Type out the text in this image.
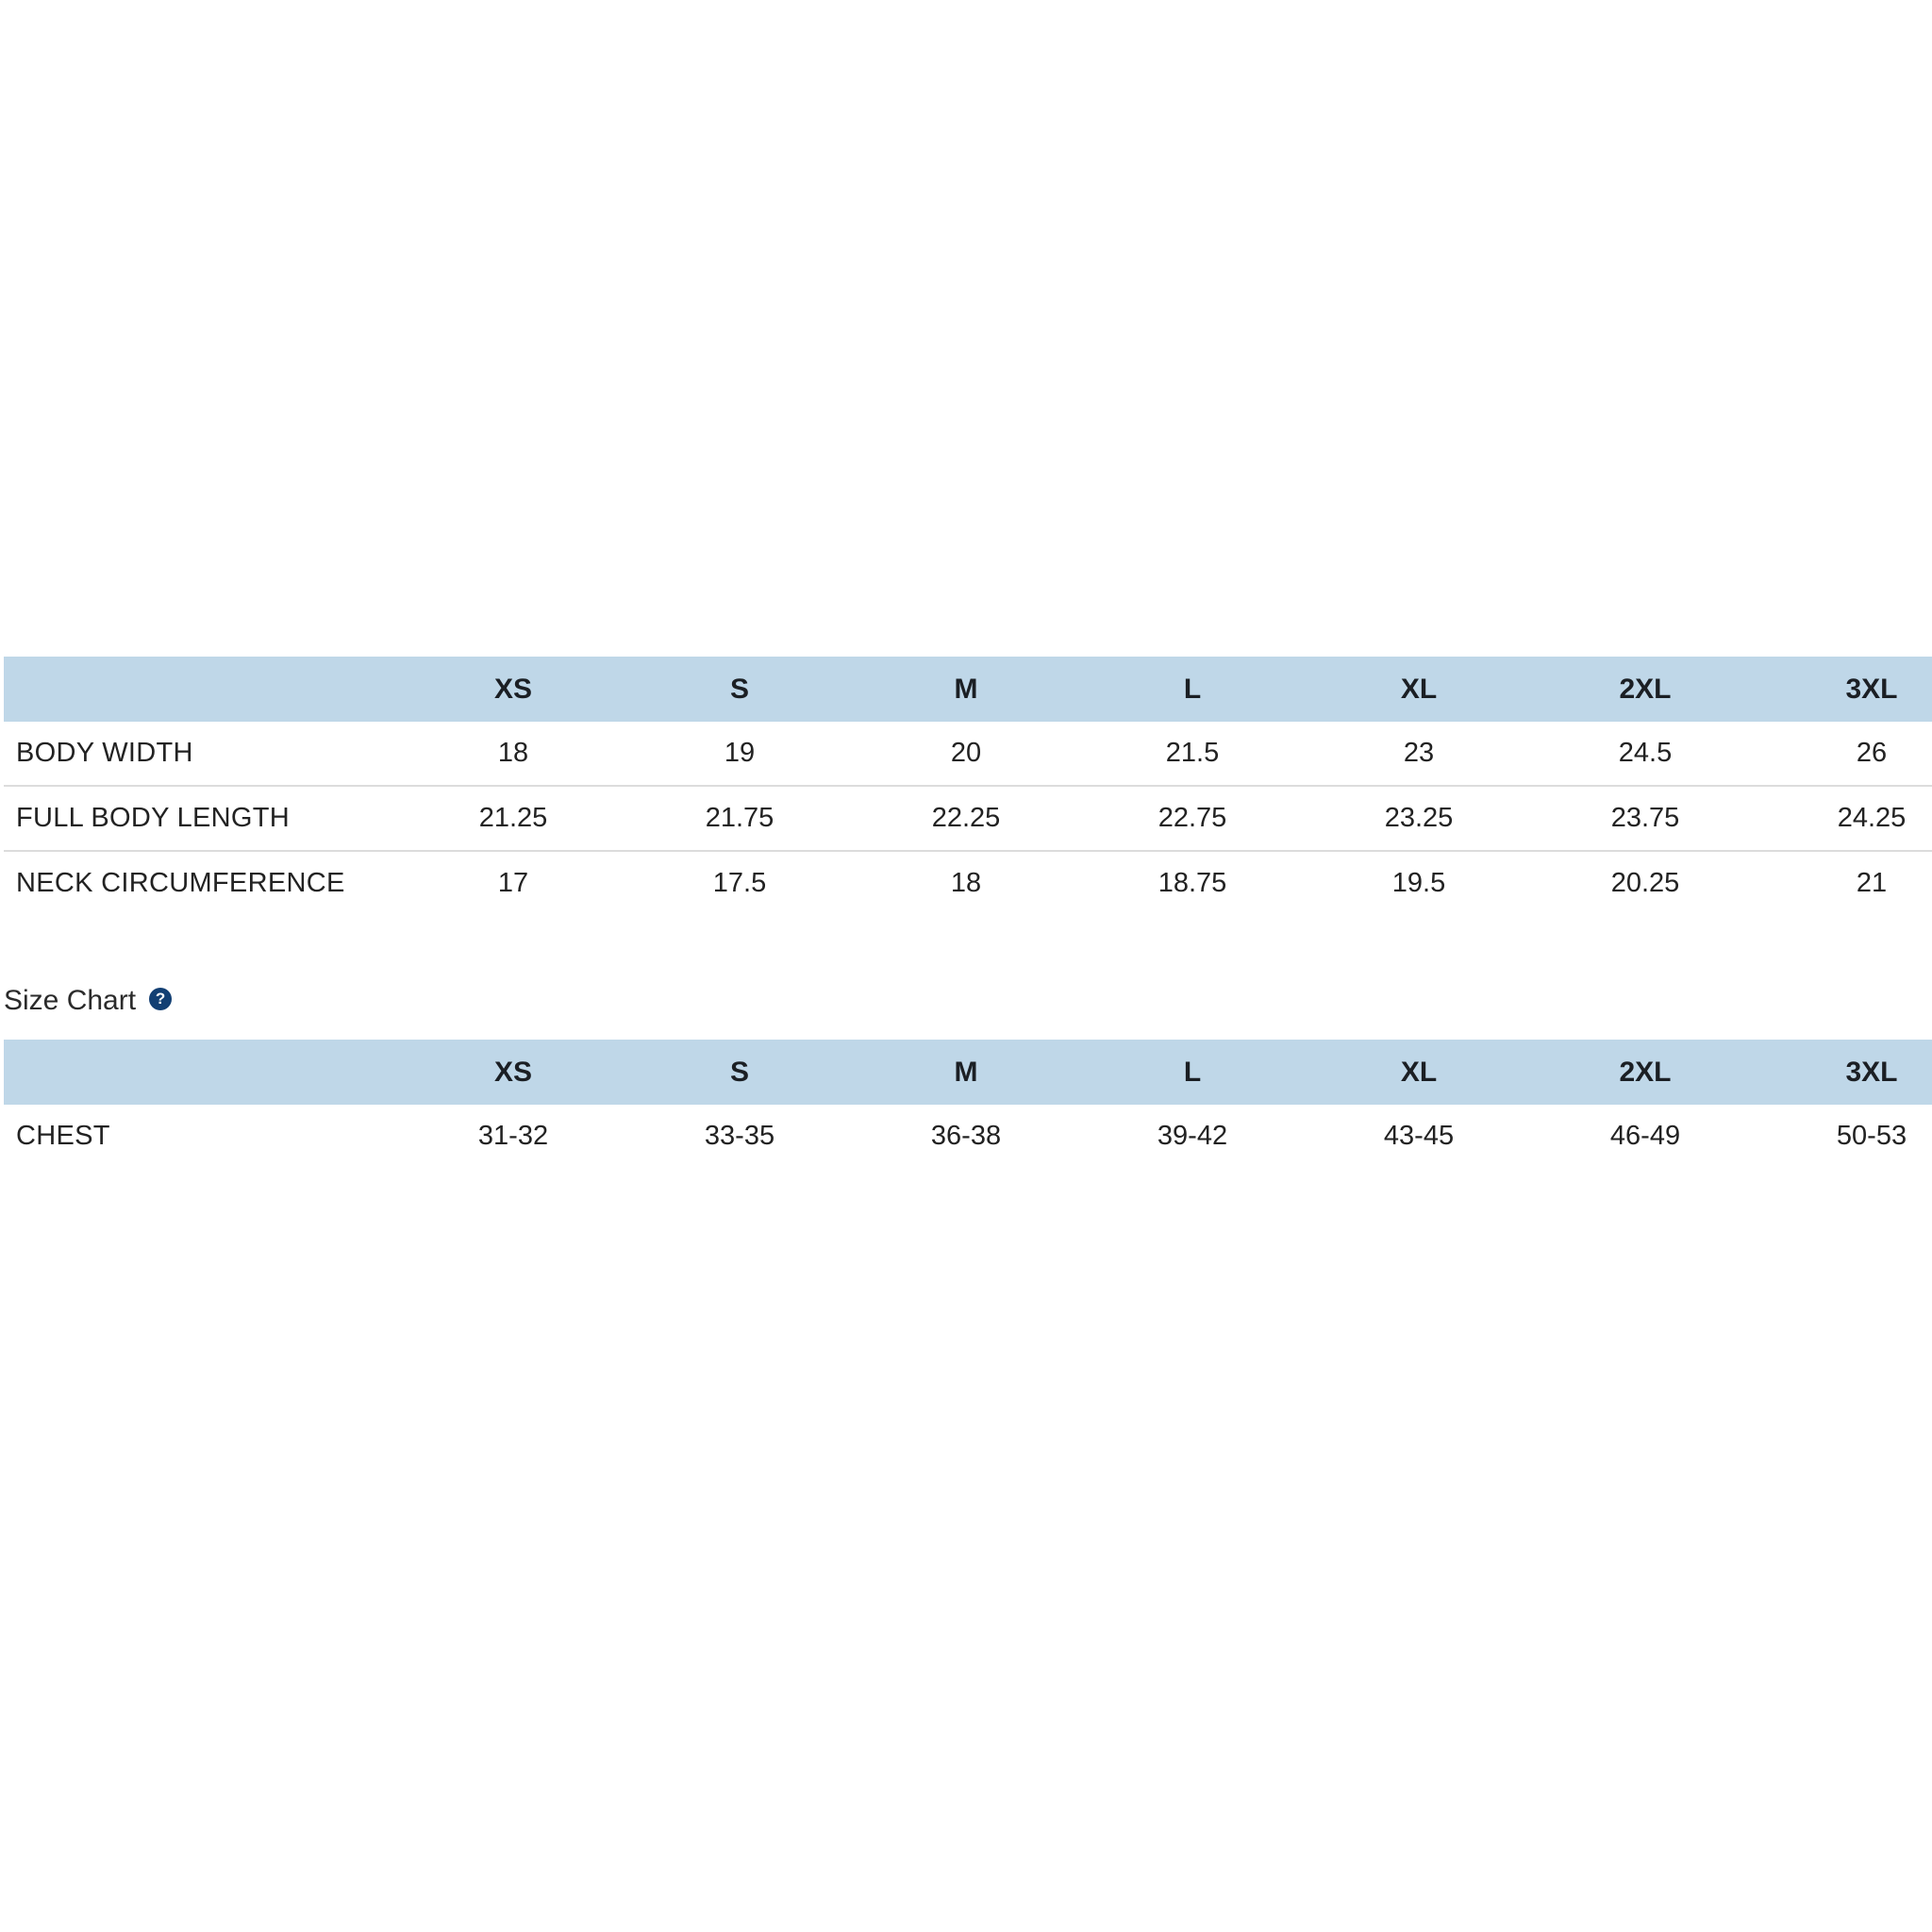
	XS	S	M	L	XL	2XL	3XL
BODY WIDTH	18	19	20	21.5	23	24.5	26
FULL BODY LENGTH	21.25	21.75	22.25	22.75	23.25	23.75	24.25
NECK CIRCUMFERENCE	17	17.5	18	18.75	19.5	20.25	21
Size Chart	?
	XS	S	M	L	XL	2XL	3XL
CHEST	31-32	33-35	36-38	39-42	43-45	46-49	50-53
